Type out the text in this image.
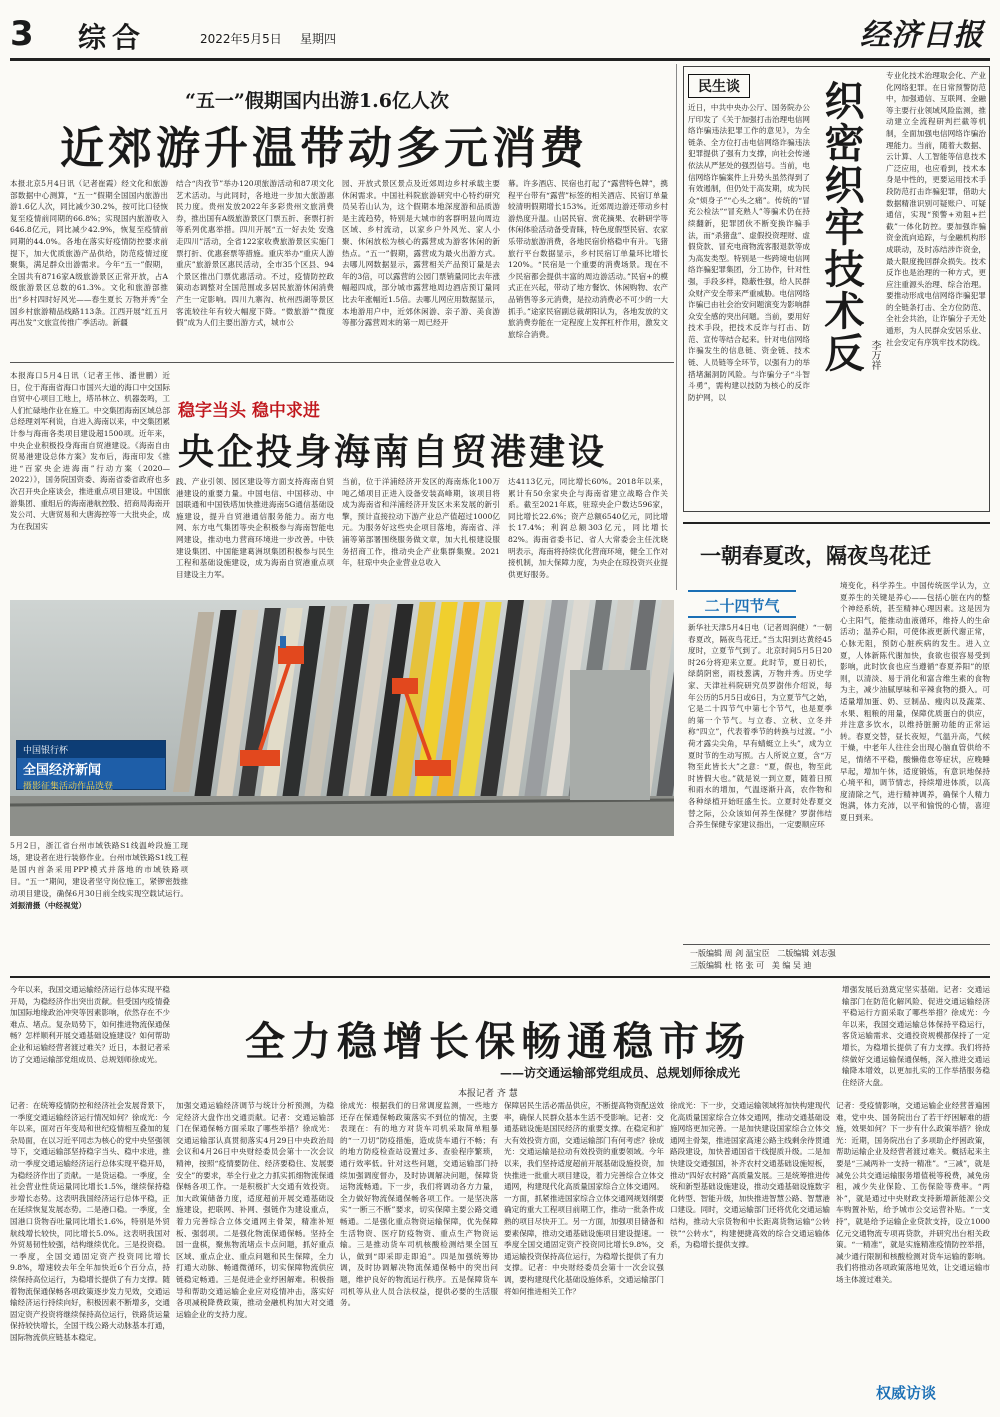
3 综合	2022年5月5日 星期四	经济日报
“五一”假期国内出游1.6亿人次
近郊游升温带动多元消费
本报北京5月4日讯（记者崔霞）经文化和旅游部数据中心测算，“五一”假期全国国内旅游出游1.6亿人次，同比减少30.2%，按可比口径恢复至疫情前同期的66.8%；实现国内旅游收入646.8亿元，同比减少42.9%，恢复至疫情前同期的44.0%。各地在落实好疫情防控要求前提下，加大优质旅游产品供给，防范疫情过度聚集，满足群众出游需求。今年“五一”假期，全国共有8716家A级旅游景区正常开放，占A级旅游景区总数的61.3%。文化和旅游部推出“乡村四时好风光——春生夏长 万物并秀”全国乡村旅游精品线路113条。江西开展“红五月 再出发”文旅宣传推广季活动。新疆
结合“肉孜节”举办120项旅游活动和87项文化艺术活动。与此同时，各地进一步加大旅游惠民力度。贵州发放2022年多彩贵州文旅消费券，推出国有A级旅游景区门票五折、套票打折等系列优惠举措。四川开展“五一好去处 安逸走四川”活动，全省122家收费旅游景区实施门票打折、优惠套票等措施。重庆举办“重庆人游重庆”旅游景区惠民活动，全市35个区县、94个景区推出门票优惠活动。不过，疫情防控政策动态调整对全国范围或多居民旅游休闲消费产生一定影响。四川九寨沟、杭州西湖等景区客流较往年有较大幅度下降。“微旅游”“微度假”成为人们主要出游方式，城市公
园、开放式景区景点及近郊周边乡村承载主要休闲需求。中国社科院旅游研究中心特约研究员吴若山认为，这个假期本地深度游和品质游是主流趋势，特别是大城市的客群明显向周边区域、乡村流动，以家乡户外风光、家人小聚、休闲放松为核心的露营成为游客休闲的新热点。“五一”假期，露营成为最火出游方式。去哪儿网数据显示，露营相关产品预订量是去年的3倍，可以露营的公园门票销量同比去年涨幅超四成，部分城市露营地周边酒店预订量同比去年涨幅近1.5倍。去哪儿网应用数据显示，本地游用户中，近郊休闲游、亲子游、美食游等都分露营周末的第一周已经开
幕。许多酒店、民宿也打起了“露营特色牌”，携程平台带有“露营”标签的相关酒店、民宿订单量较清明假期增长153%。近郊周边游还带动乡村游热度升温。山居民宿、赏花摘果、农耕研学等休闲体验活动备受青睐，特色度假型民宿、农家乐带动旅游消费，各地民宿价格稳中有升。飞猪旅行平台数据显示，乡村民宿订单量环比增长120%。“民宿是一个重要的消费场景。现在不少民宿都会提供丰富的周边游活动。”民宿+的模式正在兴起，带动了地方餐饮、休闲购物、农产品销售等多元消费，是拉动消费必不可少的一大抓手。”途家民宿副总裁胡阳认为，各地发放的文旅消费券能在一定程度上发挥杠杆作用，激发文旅综合消费。
民生谈
近日，中共中央办公厅、国务院办公厅印发了《关于加强打击治理电信网络诈骗违法犯罪工作的意见》，为全链条、全方位打击电信网络诈骗违法犯罪提供了强有力支撑，向社会传递依法从严惩处的强烈信号。当前，电信网络诈骗案件上升势头虽然得到了有效遏制，但仍处于高发期，成为民众“烦身子”“心头之痛”。传统的“冒充公检法”“冒充熟人”等骗术仍在持续翻新，犯罪团伙不断变换诈骗手法，而“杀猪盘”、虚假投资理财、虚假贷款、冒充电商物流客服退款等成为高发类型。特别是一些跨境电信网络诈骗犯罪集团，分工协作，针对性强，手段多样，隐蔽性强，给人民群众财产安全带来严重威胁。电信网络诈骗已由社会治安问题演变为影响群众安全感的突出问题。当前，要用好技术手段，把技术反诈与打击、防范、宣传等结合起来。针对电信网络诈骗发生的信息链、资金链、技术链、人员链等全环节，以强有力的举措堵漏洞防风险。与诈骗分子“斗智斗勇”，需构建以技防为核心的反诈防护网，以
织密织牢技术反 李万祥
专业化技术治理取会化、产业化网络犯罪。在日常预警防范中，加强通信、互联网、金融等主要行业领域风险监测，推动建立全流程研判拦截等机制，全面加强电信网络诈骗治理能力。当前，随着大数据、云计算、人工智能等信息技术广泛应用，也应看到，技术本身是中性的，更要运用技术手段防范打击诈骗犯罪，借助大数据精准识别可疑账户、可疑通信，实现“预警+劝阻+拦截”一体化防控。要加强诈骗资金流向追踪，与金融机构形成联动，及时冻结涉诈资金，最大限度挽回群众损失。技术反诈也是治理的一种方式，更应注重源头治理、综合治理。要推动形成电信网络诈骗犯罪的全链条打击、全方位防范、全社会共治，让诈骗分子无处遁形，为人民群众安居乐业、社会安定有序筑牢技术防线。
稳字当头 稳中求进
央企投身海南自贸港建设
本报海口5月4日讯（记者王伟、潘世鹏）近日，位于海南省海口市国兴大道的海口中交国际自贸中心项目工地上，塔吊林立、机器轰鸣，工人们忙碌地作业在施工。中交集团海南区域总部总经理刘军利说，自进入海南以来，中交集团累计参与海南各类项目建设超1500项。近年来，中央企业积极投身海南自贸港建设。《海南自由贸易港建设总体方案》发布后，海南印发《推进“百家央企进海南”行动方案（2020—2022）》，国务院国资委、海南省委省政府也多次召开央企座谈会，推进重点项目建设。中国旅游集团、重组后的海南港航控股、招商局海南开发公司、大唐贸易和大唐海控等一大批央企，成为在我国实
践、产业引领、园区建设等方面支持海南自贸港建设的重要力量。中国电信、中国移动、中国联通和中国铁塔加快推进海南5G通信基础设施建设，提升自贸港通信服务能力。南方电网、东方电气集团等央企积极参与海南智能电网建设，推动电力营商环境进一步改善。中铁建设集团、中国能建葛洲坝集团积极参与民生工程和基础设施建设，成为海南自贸港重点项目建设主力军。
当前，位于洋浦经济开发区的海南炼化100万吨乙烯项目正进入设备安装高峰期，该项目将成为海南省和洋浦经济开发区未来发展的新引擎，预计直接拉动下游产业总产值超过1000亿元。为服务好这些央企项目落地，海南省、洋浦等第部署围绕服务做文章，加大扎根建设服务招商工作，推动央企产业集群集聚。2021年，驻琼中央企业营业总收入
达4113亿元，同比增长60%。2018年以来，累计有50余家央企与海南省建立战略合作关系。截至2021年底，驻琼央企户数达596家，同比增长22.6%；资产总额6540亿元，同比增长17.4%；利润总额303亿元，同比增长82%。海南省委书记、省人大常委会主任沈晓明表示，海南将持续优化营商环境，健全工作对接机制，加大保障力度，为央企在琼投资兴业提供更好服务。
中国银行杯
全国经济新闻
摄影征集活动作品选登
5月2日，浙江省台州市域铁路S1线温岭段施工现场，建设者在进行装修作业。台州市域铁路S1线工程是国内首条采用PPP模式并落地的市域铁路项目。“五一”期间，建设者坚守岗位施工，紧锣密鼓推动项目建设，确保6月30日前全线实现空载试运行。 刘振清摄（中经视觉）
一朝春夏改，隔夜鸟花迁
二十四节气
新华社天津5月4日电（记者周润健）“一朝春夏改，隔夜鸟花迁。”当太阳到达黄经45度时，立夏节气到了。北京时间5月5日20时26分将迎来立夏。此时节，夏日初长，绿荫阴密，雨枝葱满，万物并秀。历史学家、天津社科院研究员罗澍伟介绍说，每年公历的5月5日或6日，为立夏节气之始，它是二十四节气中第七个节气，也是夏季的第一个节气。与立春、立秋、立冬并称“四立”，代表着季节的转换与过渡。“小荷才露尖尖角，早有蜻蜓立上头”，成为立夏时节的生动写照。古人所说立夏，含“万物至此皆长大”之意：“夏，假也，物至此时皆假大也。”就是说一到立夏，随着日照和雨水的增加，气温逐渐升高，农作物和各种绿植开始旺盛生长。立夏时处春夏交替之际，公众该如何养生保健？罗澍伟结合养生保健专家建议指出，一定要顺应环
境变化，科学养生。中国传统医学认为，立夏养生的关键是养心——包括心脏在内的整个神经系统，甚至精神心理因素。这是因为心主阳气，能推动血液循环，维持人的生命活动；温养心阳，可使体液更新代谢正常，心脉无阻，预防心脏疾病的发生。进入立夏，人体新陈代谢加快，食欲也很容易受到影响，此时饮食也应当遵循“春夏养阳”的原则，以清淡、易于消化和富含维生素的食物为主，减少油腻厚味和辛辣食物的摄入。可适量增加蛋、奶、豆制品、瘦肉以及蔬菜、水果、粗粮的用量，保障优质蛋白的供应，并注意多饮水，以维持脏腑功能的正常运转。春夏交替，昼长夜短，气温升高，气候干燥，中老年人往往会出现心脑血管供给不足，情绪不平稳，酸懒倦怠等症状，应晚睡早起，增加午休，适度锻炼，有意识地保持心境平和，调节情志，持续增进体质，以高度清除之气，进行精神调养，确保个人精力饱满，体力充沛，以平和愉悦的心情，喜迎夏日到来。
一版编辑 周 剑 温宝臣   二版编辑 刘志强
三版编辑 杜 铭 张 可   美 编 吴 迪
今年以来，我国交通运输经济运行总体实现平稳开局，为稳经济作出突出贡献。但受国内疫情叠加国际地缘政治冲突等因素影响，依然存在不少难点、堵点。复杂局势下，如何推进物流保通保畅？怎样顺利开展交通基础设施建设？如何帮助企业和运输经营者渡过难关？近日，本报记者采访了交通运输部党组成员、总规划师徐成光。 全力稳增长保畅通稳市场
——访交通运输部党组成员、总规划师徐成光
本报记者 齐 慧
增强发展后劲奠定坚实基础。记者：交通运输部门在防范化解风险、促进交通运输经济平稳运行方面采取了哪些举措？徐成光：今年以来，我国交通运输总体保持平稳运行，客货运输需求、交通投资规模都保持了一定增长，为稳增长提供了有力支撑。我们将持续做好交通运输保通保畅，深入推进交通运输降本增效，以更加扎实的工作举措服务稳住经济大盘。
记者：在统筹疫情防控和经济社会发展背景下，一季度交通运输经济运行情况如何？徐成光：今年以来，面对百年变局和世纪疫情相互叠加的复杂局面，在以习近平同志为核心的党中央坚强领导下，交通运输部坚持稳字当头、稳中求进，推动一季度交通运输经济运行总体实现平稳开局，为稳经济作出了贡献。一是货运稳。一季度，全社会营业性货运量同比增长1.5%，继续保持稳步增长态势。这表明我国经济运行总体平稳，正在延续恢复发展态势。二是港口稳。一季度，全国港口货物吞吐量同比增长1.6%，特别是外贸航线增长较快，同比增长5.0%。这表明我国对外贸易韧性较强，结构继续优化。三是投资稳。一季度，全国交通固定资产投资同比增长9.8%，增速较去年全年加快近6个百分点，持续保持高位运行，为稳增长提供了有力支撑。随着物流保通保畅各项政策逐步发力见效，交通运输经济运行持续向好，积极因素不断增多，交通固定资产投资将继续保持高位运行，铁路货运量保持较快增长，全国干线公路大动脉基本打通，国际物流供应链基本稳定。
加强交通运输经济调节与统计分析预测，为稳定经济大盘作出交通贡献。记者：交通运输部门在保通保畅方面采取了哪些举措？徐成光：交通运输部认真贯彻落实4月29日中央政治局会议和4月26日中央财经委员会第十一次会议精神，按照“疫情要防住、经济要稳住、发展要安全”的要求，举全行业之力抓实抓细物流保通保畅各项工作。一是积极扩大交通有效投资。加大政策储备力度，适度超前开展交通基础设施建设，把联网、补网、强链作为建设重点，着力完善综合立体交通网主骨架，精准补短板、强弱项。二是强化物流保通保畅。坚持全国一盘棋，聚焦物流堵点卡点问题，抓好重点区域、重点企业、重点问题和民生保障，全力打通大动脉、畅通微循环，切实保障物流供应链稳定畅通。三是促进企业纾困解难。积极指导和帮助交通运输企业应对疫情冲击，落实好各项减税降费政策，推动金融机构加大对交通运输企业的支持力度。
徐成光：根据我们的日常调度监测，一些地方还存在保通保畅政策落实不到位的情况，主要表现在：有的地方对货车司机采取简单粗暴的“一刀切”防疫措施，造成货车通行不畅；有的地方防疫检查站设置过多、查验程序繁琐，通行效率低。针对这些问题，交通运输部门持续加强调度督办，及时协调解决问题，保障货运物流畅通。下一步，我们将调动各方力量，全力做好物流保通保畅各项工作。一是坚决落实“一断三不断”要求，切实保障主要公路交通畅通。二是强化重点物资运输保障，优先保障生活物资、医疗防疫物资、重点生产物资运输。三是推动货车司机核酸检测结果全国互认，做到“即采即走即追”。四是加强统筹协调，及时协调解决物流保通保畅中的突出问题，维护良好的物流运行秩序。五是保障货车司机等从业人员合法权益，提供必要的生活服务。
保障居民生活必需品供应，不断提高物资配送效率，确保人民群众基本生活不受影响。记者：交通基础设施是国民经济的重要支撑。在稳定和扩大有效投资方面，交通运输部门有何考虑？徐成光：交通运输是拉动有效投资的重要领域。今年以来，我们坚持适度超前开展基础设施投资，加快推进一批重大项目建设，着力完善综合立体交通网，构建现代化高质量国家综合立体交通网。一方面，抓紧推进国家综合立体交通网规划纲要确定的重大工程项目前期工作，推动一批条件成熟的项目尽快开工。另一方面，加强项目储备和要素保障，推动交通基础设施项目建设提速。一季度全国交通固定资产投资同比增长9.8%，交通运输投资保持高位运行，为稳增长提供了有力支撑。记者：中央财经委员会第十一次会议强调，要构建现代化基础设施体系，交通运输部门将如何推进相关工作？
徐成光：下一步，交通运输领域将加快构建现代化高质量国家综合立体交通网，推动交通基础设施网络更加完善。一是加快建设国家综合立体交通网主骨架，推进国家高速公路主线剩余待贯通路段建设，加快普通国省干线提质升级。二是加快建设交通强国，补齐农村交通基础设施短板，推动“四好农村路”高质量发展。三是统筹推进传统和新型基础设施建设，推动交通基础设施数字化转型、智能升级，加快推进智慧公路、智慧港口建设。同时，交通运输部门还将优化交通运输结构，推动大宗货物和中长距离货物运输“公转铁”“公转水”，构建便捷高效的综合交通运输体系，为稳增长提供支撑。
记者：受疫情影响，交通运输企业经营普遍困难，党中央、国务院出台了若干纾困解难的措施，效果如何？下一步有什么政策举措？徐成光：近期，国务院出台了多项助企纾困政策，帮助运输企业及经营者渡过难关。概括起来主要是“三减两补一支持一精准”。“三减”，就是减免公共交通运输服务增值税等税费，减免房租，减少失业保险、工伤保险等费率。“两补”，就是通过中央财政支持新增新能源公交车购置补贴，给予城市公交运营补贴。“一支持”，就是给予运输企业贷款支持，设立1000亿元交通物流专项再贷款，并研究出台相关政策。“一精准”，就是实施精准疫情防控举措，减少通行限制和核酸检测对货车运输的影响。我们将推动各项政策落地见效，让交通运输市场主体渡过难关。
权威访谈
